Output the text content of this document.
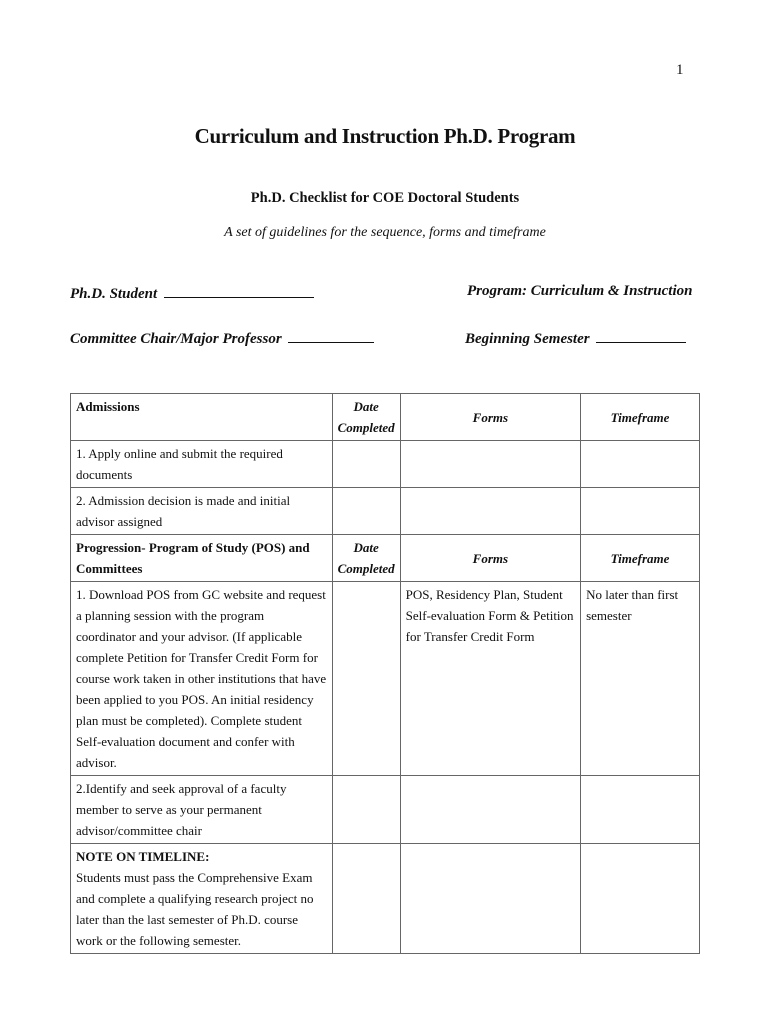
1
Curriculum and Instruction Ph.D. Program
Ph.D. Checklist for COE Doctoral Students
A set of guidelines for the sequence, forms and timeframe
Ph.D. Student	Program: Curriculum & Instruction
Committee Chair/Major Professor	Beginning Semester
Admissions	Date Completed	Forms	Timeframe
1. Apply online and submit the required documents			
2. Admission decision is made and initial advisor assigned			
Progression- Program of Study (POS) and Committees	Date Completed	Forms	Timeframe
1. Download POS from GC website and request a planning session with the program coordinator and your advisor. (If applicable complete Petition for Transfer Credit Form for course work taken in other institutions that have been applied to you POS. An initial residency plan must be completed). Complete student Self-evaluation document and confer with advisor.		POS, Residency Plan, Student Self-evaluation Form & Petition for Transfer Credit Form	No later than first semester
2.Identify and seek approval of a faculty member to serve as your permanent advisor/committee chair			

NOTE ON TIMELINE:
Students must pass the Comprehensive Exam and complete a qualifying research project no later than the last semester of Ph.D. course work or the following semester.			
